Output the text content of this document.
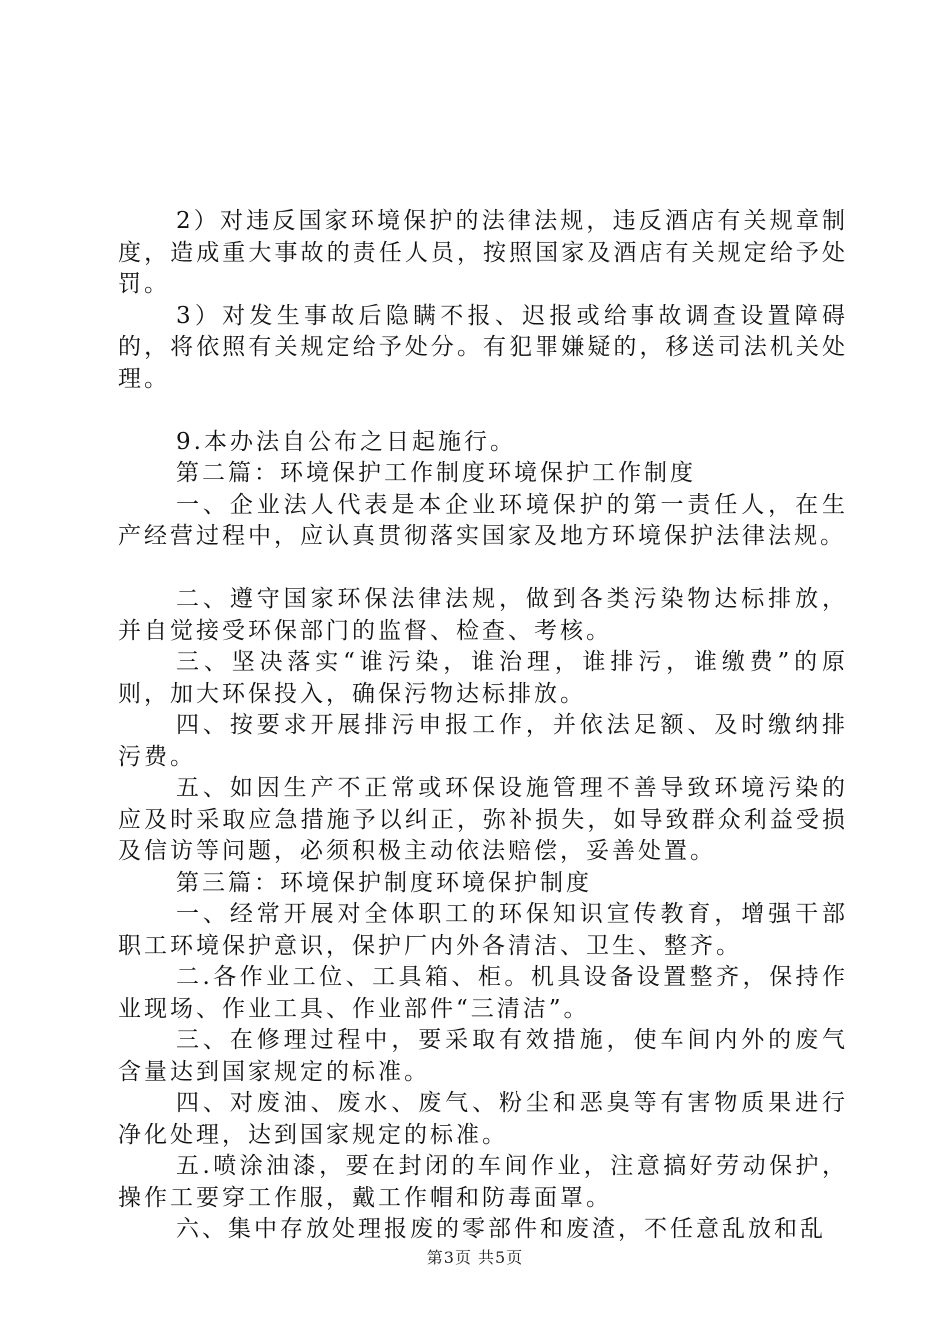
2）对违反国家环境保护的法律法规，违反酒店有关规章制度，造成重大事故的责任人员，按照国家及酒店有关规定给予处罚。

3）对发生事故后隐瞒不报、迟报或给事故调查设置障碍的，将依照有关规定给予处分。有犯罪嫌疑的，移送司法机关处理。

9.本办法自公布之日起施行。

第二篇：环境保护工作制度环境保护工作制度

一、企业法人代表是本企业环境保护的第一责任人，在生产经营过程中，应认真贯彻落实国家及地方环境保护法律法规。

二、遵守国家环保法律法规，做到各类污染物达标排放，并自觉接受环保部门的监督、检查、考核。

三、坚决落实“谁污染，谁治理，谁排污，谁缴费”的原则，加大环保投入，确保污物达标排放。

四、按要求开展排污申报工作，并依法足额、及时缴纳排污费。

五、如因生产不正常或环保设施管理不善导致环境污染的应及时采取应急措施予以纠正，弥补损失，如导致群众利益受损及信访等问题，必须积极主动依法赔偿，妥善处置。

第三篇：环境保护制度环境保护制度

一、经常开展对全体职工的环保知识宣传教育，增强干部职工环境保护意识，保护厂内外各清洁、卫生、整齐。

二.各作业工位、工具箱、柜。机具设备设置整齐，保持作业现场、作业工具、作业部件“三清洁”。

三、在修理过程中，要采取有效措施，使车间内外的废气含量达到国家规定的标准。

四、对废油、废水、废气、粉尘和恶臭等有害物质果进行净化处理，达到国家规定的标准。

五.喷涂油漆，要在封闭的车间作业，注意搞好劳动保护，操作工要穿工作服，戴工作帽和防毒面罩。

六、集中存放处理报废的零部件和废渣，不任意乱放和乱

第3页 共5页
